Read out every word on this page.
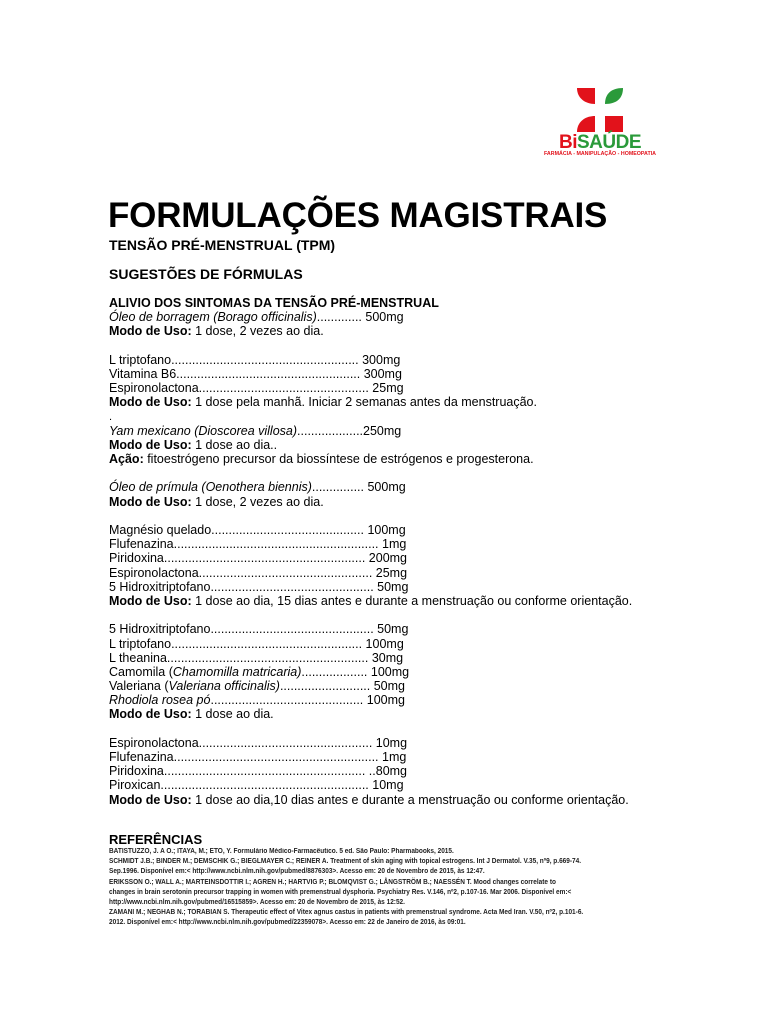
BiSAÚDE
FARMÁCIA - MANIPULAÇÃO - HOMEOPATIA
FORMULAÇÕES MAGISTRAIS
TENSÃO PRÉ-MENSTRUAL (TPM)
SUGESTÕES DE FÓRMULAS
ALIVIO DOS SINTOMAS DA TENSÃO PRÉ-MENSTRUAL
Óleo de borragem (Borago officinalis)............. 500mg
Modo de Uso: 1 dose, 2 vezes ao dia.
L triptofano...................................................... 300mg
Vitamina B6..................................................... 300mg
Espironolactona................................................. 25mg
Modo de Uso: 1 dose pela manhã. Iniciar 2 semanas antes da menstruação.
.
Yam mexicano (Dioscorea villosa)...................250mg
Modo de Uso: 1 dose ao dia..
Ação: fitoestrógeno precursor da biossíntese de estrógenos e progesterona.
Óleo de prímula (Oenothera biennis)............... 500mg
Modo de Uso: 1 dose, 2 vezes ao dia.
Magnésio quelado............................................ 100mg
Flufenazina........................................................... 1mg
Piridoxina.......................................................... 200mg
Espironolactona.................................................. 25mg
5 Hidroxitriptofano............................................... 50mg
Modo de Uso: 1 dose ao dia, 15 dias antes e durante a menstruação ou conforme orientação.
5 Hidroxitriptofano............................................... 50mg
L triptofano....................................................... 100mg
L theanina.......................................................... 30mg
Camomila (Chamomilla matricaria)................... 100mg
Valeriana (Valeriana officinalis).......................... 50mg
Rhodiola rosea pó............................................ 100mg
Modo de Uso: 1 dose ao dia.
Espironolactona.................................................. 10mg
Flufenazina........................................................... 1mg
Piridoxina.......................................................... ..80mg
Piroxican............................................................ 10mg
Modo de Uso: 1 dose ao dia,10 dias antes e durante a menstruação ou conforme orientação.
REFERÊNCIAS
BATISTUZZO, J. A O.; ITAYA, M.; ETO, Y. Formulário Médico-Farmacêutico. 5 ed. São Paulo: Pharmabooks, 2015.
SCHMIDT J.B.; BINDER M.; DEMSCHIK G.; BIEGLMAYER C.; REINER A. Treatment of skin aging with topical estrogens. Int J Dermatol. V.35, nº9, p.669-74.
Sep.1996. Disponível em:< http://www.ncbi.nlm.nih.gov/pubmed/8876303>. Acesso em: 20 de Novembro de 2015, às 12:47.
ERIKSSON O.; WALL A.; MARTEINSDOTTIR I.; AGREN H.; HARTVIG P.; BLOMQVIST G.; LÅNGSTRÖM B.; NAESSÉN T. Mood changes correlate to
changes in brain serotonin precursor trapping in women with premenstrual dysphoria. Psychiatry Res. V.146, nº2, p.107-16. Mar 2006. Disponível em:<
http://www.ncbi.nlm.nih.gov/pubmed/16515859>. Acesso em: 20 de Novembro de 2015, às 12:52.
ZAMANI M.; NEGHAB N.; TORABIAN S. Therapeutic effect of Vitex agnus castus in patients with premenstrual syndrome. Acta Med Iran. V.50, nº2, p.101-6.
2012. Disponível em:< http://www.ncbi.nlm.nih.gov/pubmed/22359078>. Acesso em: 22 de Janeiro de 2016, às 09:01.
